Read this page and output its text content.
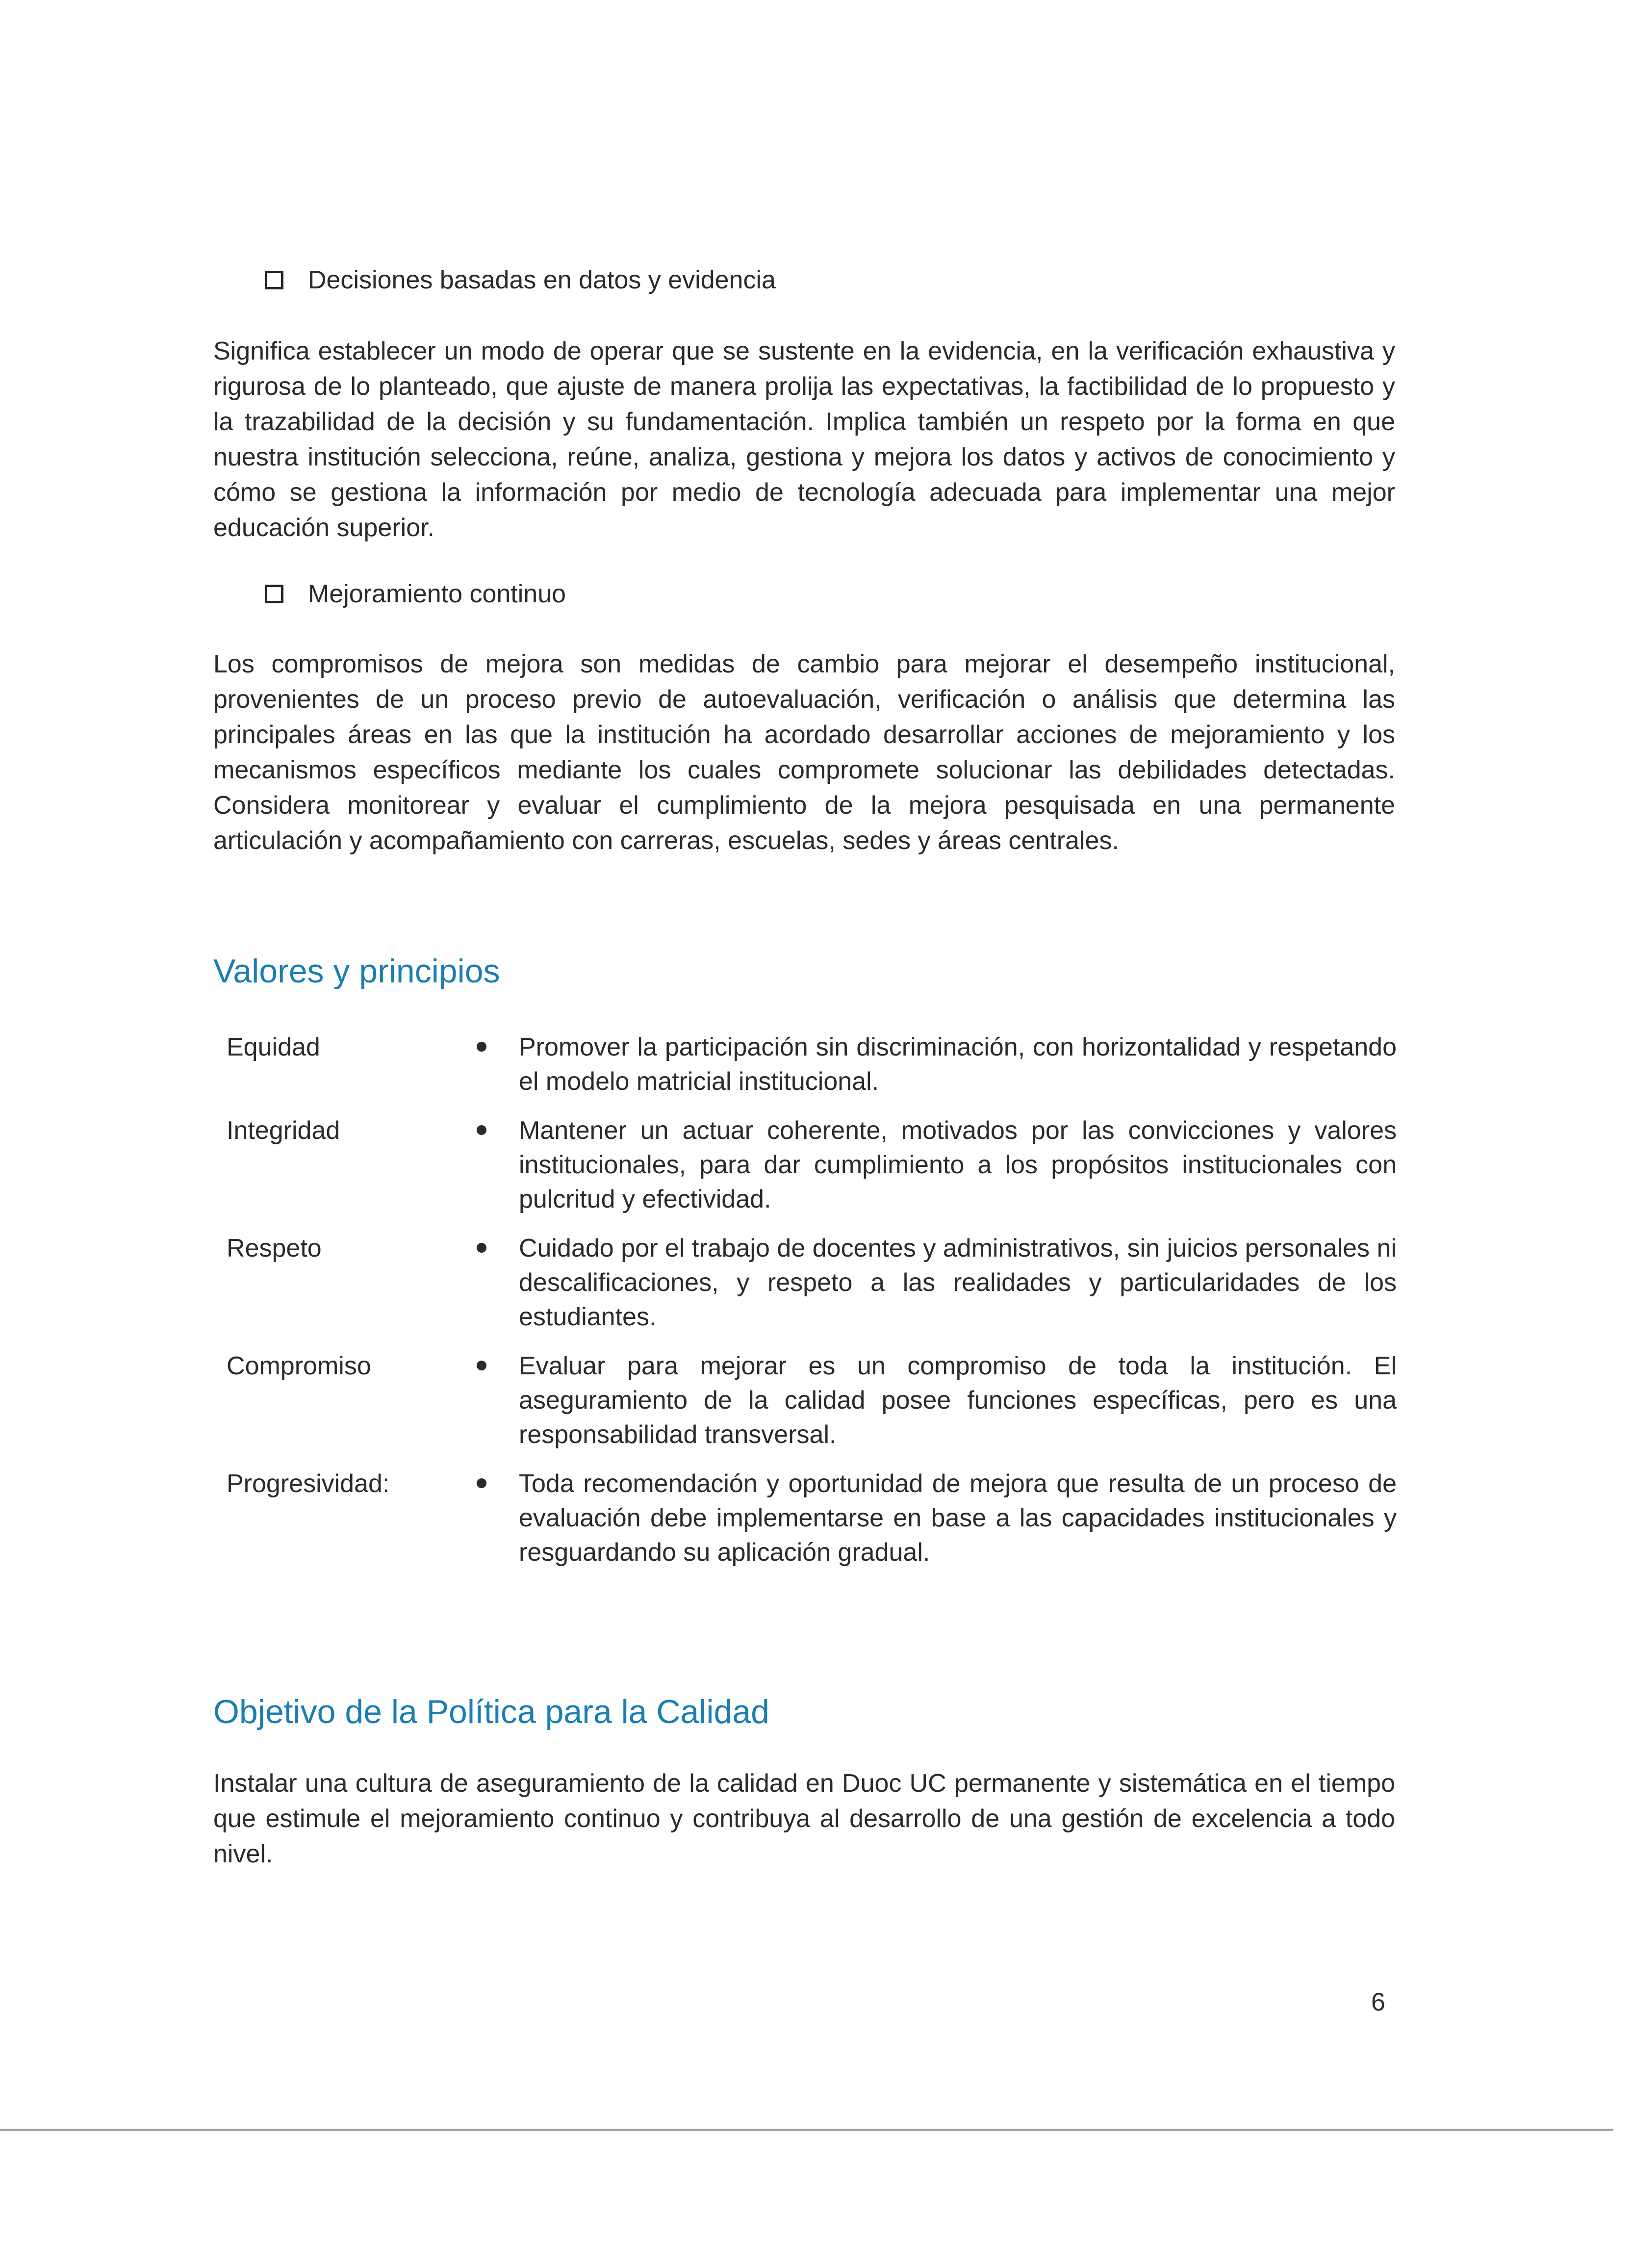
Decisiones basadas en datos y evidencia
Significa establecer un modo de operar que se sustente en la evidencia, en la verificación exhaustiva y rigurosa de lo planteado, que ajuste de manera prolija las expectativas, la factibilidad de lo propuesto y la trazabilidad de la decisión y su fundamentación. Implica también un respeto por la forma en que nuestra institución selecciona, reúne, analiza, gestiona y mejora los datos y activos de conocimiento y cómo se gestiona la información por medio de tecnología adecuada para implementar una mejor educación superior.
Mejoramiento continuo
Los compromisos de mejora son medidas de cambio para mejorar el desempeño institucional, provenientes de un proceso previo de autoevaluación, verificación o análisis que determina las principales áreas en las que la institución ha acordado desarrollar acciones de mejoramiento y los mecanismos específicos mediante los cuales compromete solucionar las debilidades detectadas. Considera monitorear y evaluar el cumplimiento de la mejora pesquisada en una permanente articulación y acompañamiento con carreras, escuelas, sedes y áreas centrales.
Valores y principios
Equidad	Promover la participación sin discriminación, con horizontalidad y respetando el modelo matricial institucional.
Integridad	Mantener un actuar coherente, motivados por las convicciones y valores institucionales, para dar cumplimiento a los propósitos institucionales con pulcritud y efectividad.
Respeto	Cuidado por el trabajo de docentes y administrativos, sin juicios personales ni descalificaciones, y respeto a las realidades y particularidades de los estudiantes.
Compromiso	Evaluar para mejorar es un compromiso de toda la institución. El aseguramiento de la calidad posee funciones específicas, pero es una responsabilidad transversal.
Progresividad:	Toda recomendación y oportunidad de mejora que resulta de un proceso de evaluación debe implementarse en base a las capacidades institucionales y resguardando su aplicación gradual.
Objetivo de la Política para la Calidad
Instalar una cultura de aseguramiento de la calidad en Duoc UC permanente y sistemática en el tiempo que estimule el mejoramiento continuo y contribuya al desarrollo de una gestión de excelencia a todo nivel.
6
